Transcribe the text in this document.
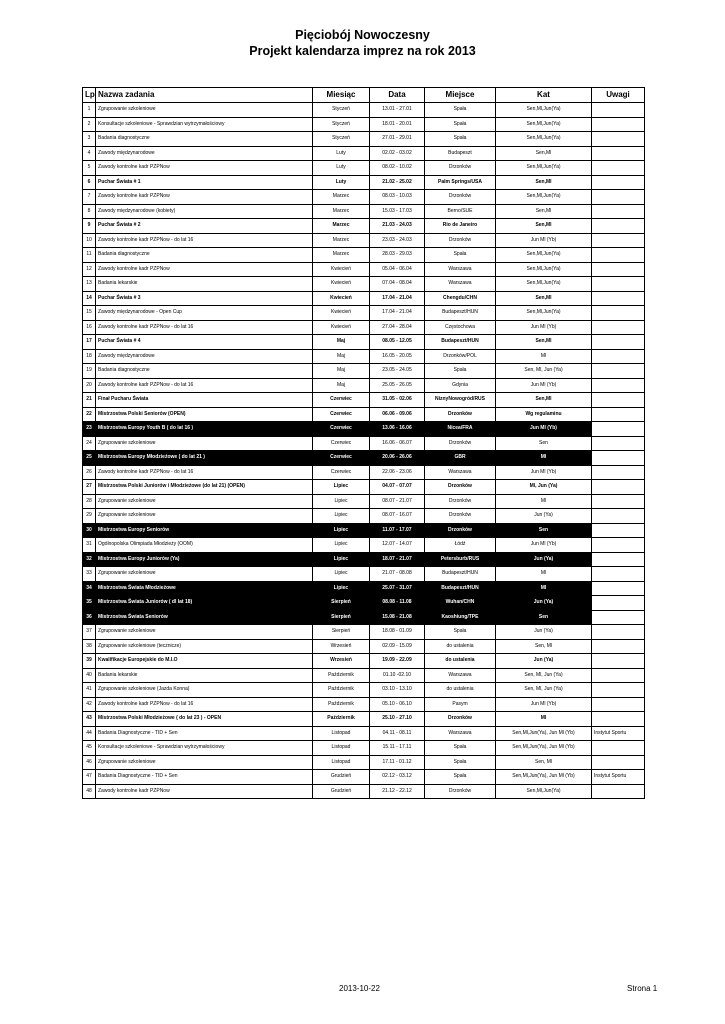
Pięciobój Nowoczesny
Projekt kalendarza imprez na rok 2013
Lp	Nazwa zadania	Miesiąc	Data	Miejsce	Kat	Uwagi
1	Zgrupowanie szkoleniowe	Styczeń	13.01 - 27.01	Spała	Sen,Ml,Jun(Ya)	
2	Konsultacje szkoleniowe - Sprawdzian wytrzymałościowy	Styczeń	18.01 - 20.01	Spała	Sen,Ml,Jun(Ya)	
3	Badania diagnostyczne	Styczeń	27.01 - 29.01	Spała	Sen,Ml,Jun(Ya)	
4	Zawody międzynarodowe	Luty	02.02 - 03.02	Budapeszt	Sen,Ml	
5	Zawody kontrolne kadr PZPNow	Luty	08.02 - 10.02	Drzonków	Sen,Ml,Jun(Ya)	
6	Puchar Świata # 1	Luty	21.02 - 25.02	Palm Springs/USA	Sen,Ml	
7	Zawody kontrolne kadr PZPNow	Marzec	08.03 - 10.03	Drzonków	Sen,Ml,Jun(Ya)	
8	Zawody międzynarodowe (kobiety)	Marzec	15.03 - 17.03	Berno/SUE	Sen,Ml	
9	Puchar Świata # 2	Marzec	21.03 - 24.03	Rio de Janeiro	Sen,Ml	
10	Zawody kontrolne kadr PZPNow - do lat 16	Marzec	23.03 - 24.03	Drzonków	Jun Ml (Yb)	
11	Badania diagnostyczne	Marzec	28.03 - 29.03	Spała	Sen,Ml,Jun(Ya)	
12	Zawody kontrolne kadr PZPNow	Kwiecień	05.04 - 06.04	Warszawa	Sen,Ml,Jun(Ya)	
13	Badania lekarskie	Kwiecień	07.04 - 08.04	Warszawa	Sen,Ml,Jun(Ya)	
14	Puchar Świata # 3	Kwiecień	17.04 - 21.04	Chengdu/CHN	Sen,Ml	
15	Zawody międzynarodowe - Open Cup	Kwiecień	17.04 - 21.04	Budapeszt/HUN	Sen,Ml,Jun(Ya)	
16	Zawody kontrolne kadr PZPNow - do lat 16	Kwiecień	27.04 - 28.04	Częstochowa	Jun Ml (Yb)	
17	Puchar Świata # 4	Maj	08.05 - 12.05	Budapeszt/HUN	Sen,Ml	
18	Zawody międzynarodowe	Maj	16.05 - 20.05	Drzonków/POL	Ml	
19	Badania diagnostyczne	Maj	23.05 - 24.05	Spała	Sen, Ml, Jun (Ya)	
20	Zawody kontrolne kadr PZPNow - do lat 16	Maj	25.05 - 26.05	Gdynia	Jun Ml (Yb)	
21	Finał Pucharu Świata	Czerwiec	31.05 - 02.06	NiznyNowogród/RUS	Sen,Ml	
22	Mistrzostwa Polski Seniorów (OPEN)	Czerwiec	06.06 - 09.06	Drzonków	Wg regulaminu	
23	Mistrzostwa Europy Youth B ( do lat 16 )	Czerwiec	13.06 - 16.06	Nicea/FRA	Jun Ml (Yb)	
24	Zgrupowanie szkoleniowe	Czerwiec	16.06 - 06.07	Drzonków	Sen	
25	Mistrzostwa Europy Młodzieżowe ( do lat 21 )	Czerwiec	20.06 - 26.06	GBR	Ml	
26	Zawody kontrolne kadr PZPNow - do lat 16	Czerwiec	22.06 - 23.06	Warszawa	Jun Ml (Yb)	
27	Mistrzostwa Polski Juniorów i Młodzieżowe (do lat 21) (OPEN)	Lipiec	04.07 - 07.07	Drzonków	Ml, Jun (Ya)	
28	Zgrupowanie szkoleniowe	Lipiec	08.07 - 21.07	Drzonków	Ml	
29	Zgrupowanie szkoleniowe	Lipiec	08.07 - 16.07	Drzonków	Jun (Ya)	
30	Mistrzostwa Europy Seniorów	Lipiec	11.07 - 17.07	Drzonków	Sen	
31	Ogólnopolska Olimpiada Młodzieży (OOM)	Lipiec	12.07 - 14.07	Łódź	Jun Ml (Yb)	
32	Mistrzostwa Europy Juniorów (Ya)	Lipiec	18.07 - 21.07	Petersburb/RUS	Jun (Ya)	
33	Zgrupowanie szkoleniowe	Lipiec	21.07 - 08.08	Budapeszt/HUN	Ml	
34	Mistrzostwa Świata Młodzieżowe	Lipiec	25.07 - 31.07	Budapeszt/HUN	Ml	
35	Mistrzostwa Świata Juniorów ( dl lat 18)	Sierpień	08.08 - 11.08	Wuhan/CHN	Jun (Ya)	
36	Mistrzostwa Świata Seniorów	Sierpień	15.08 - 21.08	Kaoshiung/TPE	Sen	
37	Zgrupowanie szkoleniowe	Sierpień	18.08 - 01.09	Spała	Jun (Ya)	
38	Zgrupowanie szkoleniowe (tecznicze)	Wrzesień	02.09 - 15.09	do ustalenia	Sen, Ml	
39	Kwalifikacje Europejskie do M.I.O	Wrzesień	19.09 - 22.09	do ustalenia	Jun (Ya)	
40	Badania lekarskie	Październik	01.10 -02.10	Warszawa	Sen, Ml, Jun (Ya)	
41	Zgrupowanie szkoleniowe (Jazda Konna)	Październik	03.10 - 13.10	do ustalenia	Sen, Ml, Jun (Ya)	
42	Zawody kontrolne kadr PZPNow - do lat 16	Październik	05.10 - 06.10	Pasym	Jun Ml (Yb)	
43	Mistrzostwa Polski Młodzieżowe ( do lat 23 ) - OPEN	Październik	25.10 - 27.10	Drzonków	Ml	
44	Badania Diagnostyczne - TID + Sen	Listopad	04.11 - 08.11	Warszawa	Sen,Ml,Jun(Ya), Jun Ml (Yb)	Instytut Sportu
45	Konsultacje szkoleniowe - Sprawdzian wytrzymałościowy	Listopad	15.11 - 17.11	Spała	Sen,Ml,Jun(Ya), Jun Ml (Yb)	
46	Zgrupowanie szkoleniowe	Listopad	17.11 - 01.12	Spała	Sen, Ml	
47	Badania Diagnostyczne - TID + Sen	Grudzień	02.12 - 03.12	Spała	Sen,Ml,Jun(Ya), Jun Ml (Yb)	Instytut Sportu
48	Zawody kontrolne kadr PZPNow	Grudzień	21.12 - 22.12	Drzonków	Sen,Ml,Jun(Ya)	
2013-10-22	Strona 1
